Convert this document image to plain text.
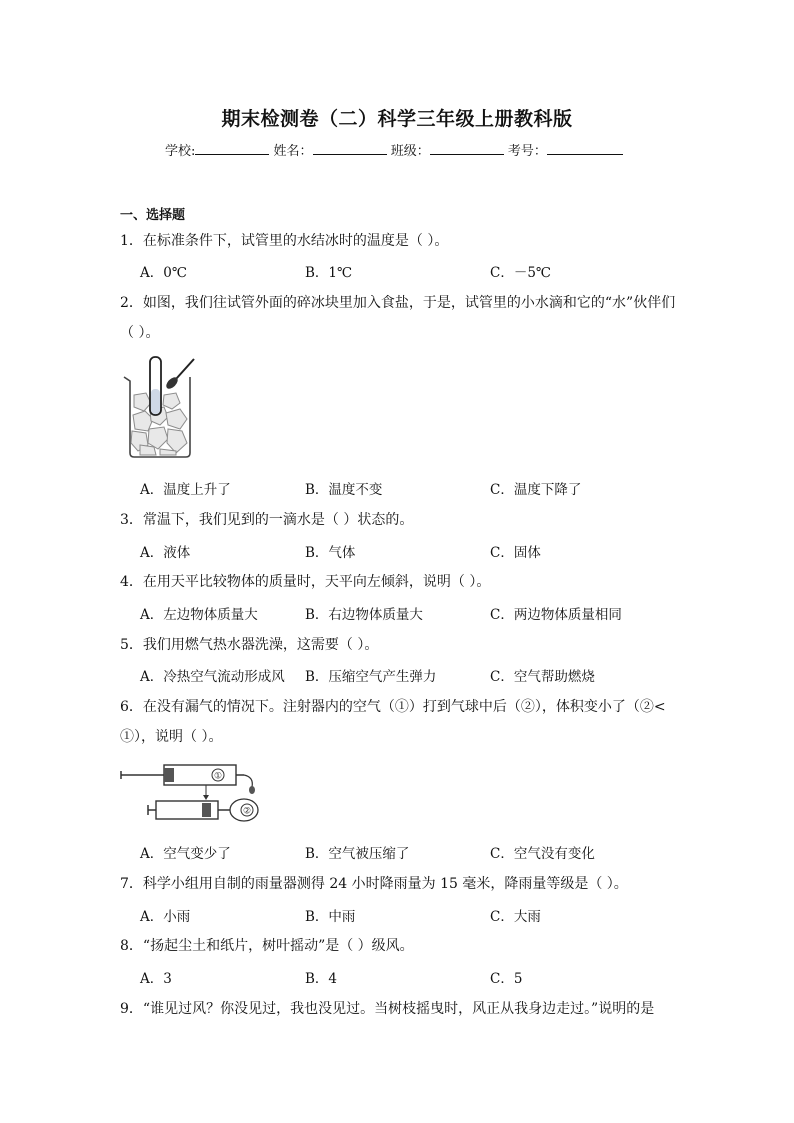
期末检测卷（二）科学三年级上册教科版
学校:	姓名：	班级：	考号：
一、选择题
1．在标准条件下，试管里的水结冰时的温度是（ ）。
A．0℃	B．1℃	C．－5℃
2．如图，我们往试管外面的碎冰块里加入食盐，于是，试管里的小水滴和它的“水”伙伴们
（ ）。
A．温度上升了	B．温度不变	C．温度下降了
3．常温下，我们见到的一滴水是（ ）状态的。
A．液体	B．气体	C．固体
4．在用天平比较物体的质量时，天平向左倾斜，说明（ ）。
A．左边物体质量大	B．右边物体质量大	C．两边物体质量相同
5．我们用燃气热水器洗澡，这需要（ ）。
A．冷热空气流动形成风 B．压缩空气产生弹力	C．空气帮助燃烧
6．在没有漏气的情况下。注射器内的空气（①）打到气球中后（②），体积变小了（②<
①），说明（ ）。
①
②
A．空气变少了	B．空气被压缩了	C．空气没有变化
7．科学小组用自制的雨量器测得 24 小时降雨量为 15 毫米，降雨量等级是（ ）。
A．小雨	B．中雨	C．大雨
8．“扬起尘土和纸片，树叶摇动”是（ ）级风。
A．3	B．4	C．5
9．“谁见过风？你没见过，我也没见过。当树枝摇曳时，风正从我身边走过。”说明的是
